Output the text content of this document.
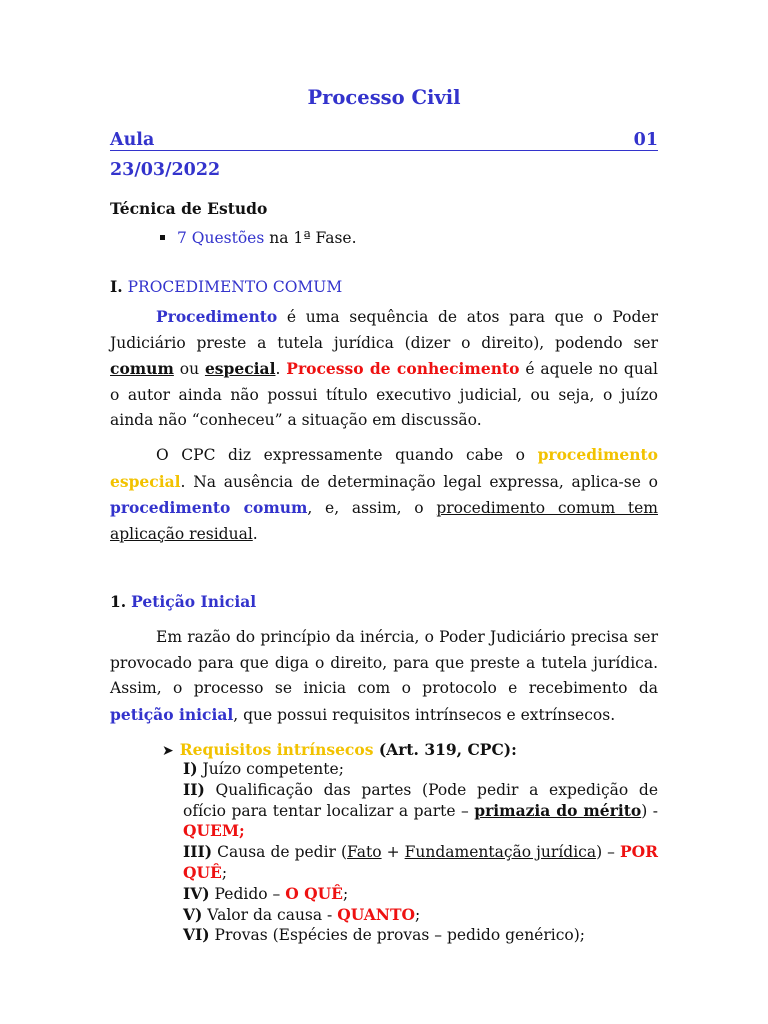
Processo Civil
Aula	01
23/03/2022
Técnica de Estudo
7 Questões na 1ª Fase.
I. PROCEDIMENTO COMUM
Procedimento é uma sequência de atos para que o Poder Judiciário preste a tutela jurídica (dizer o direito), podendo ser comum ou especial. Processo de conhecimento é aquele no qual o autor ainda não possui título executivo judicial, ou seja, o juízo ainda não “conheceu” a situação em discussão.
O CPC diz expressamente quando cabe o procedimento especial. Na ausência de determinação legal expressa, aplica-se o procedimento comum, e, assim, o procedimento comum tem aplicação residual.
1. Petição Inicial
Em razão do princípio da inércia, o Poder Judiciário precisa ser provocado para que diga o direito, para que preste a tutela jurídica. Assim, o processo se inicia com o protocolo e recebimento da petição inicial, que possui requisitos intrínsecos e extrínsecos.
➤ Requisitos intrínsecos (Art. 319, CPC):
I) Juízo competente;
II) Qualificação das partes (Pode pedir a expedição de ofício para tentar localizar a parte – primazia do mérito) - QUEM;
III) Causa de pedir (Fato + Fundamentação jurídica) – POR QUÊ;
IV) Pedido – O QUÊ;
V) Valor da causa - QUANTO;
VI) Provas (Espécies de provas – pedido genérico);
